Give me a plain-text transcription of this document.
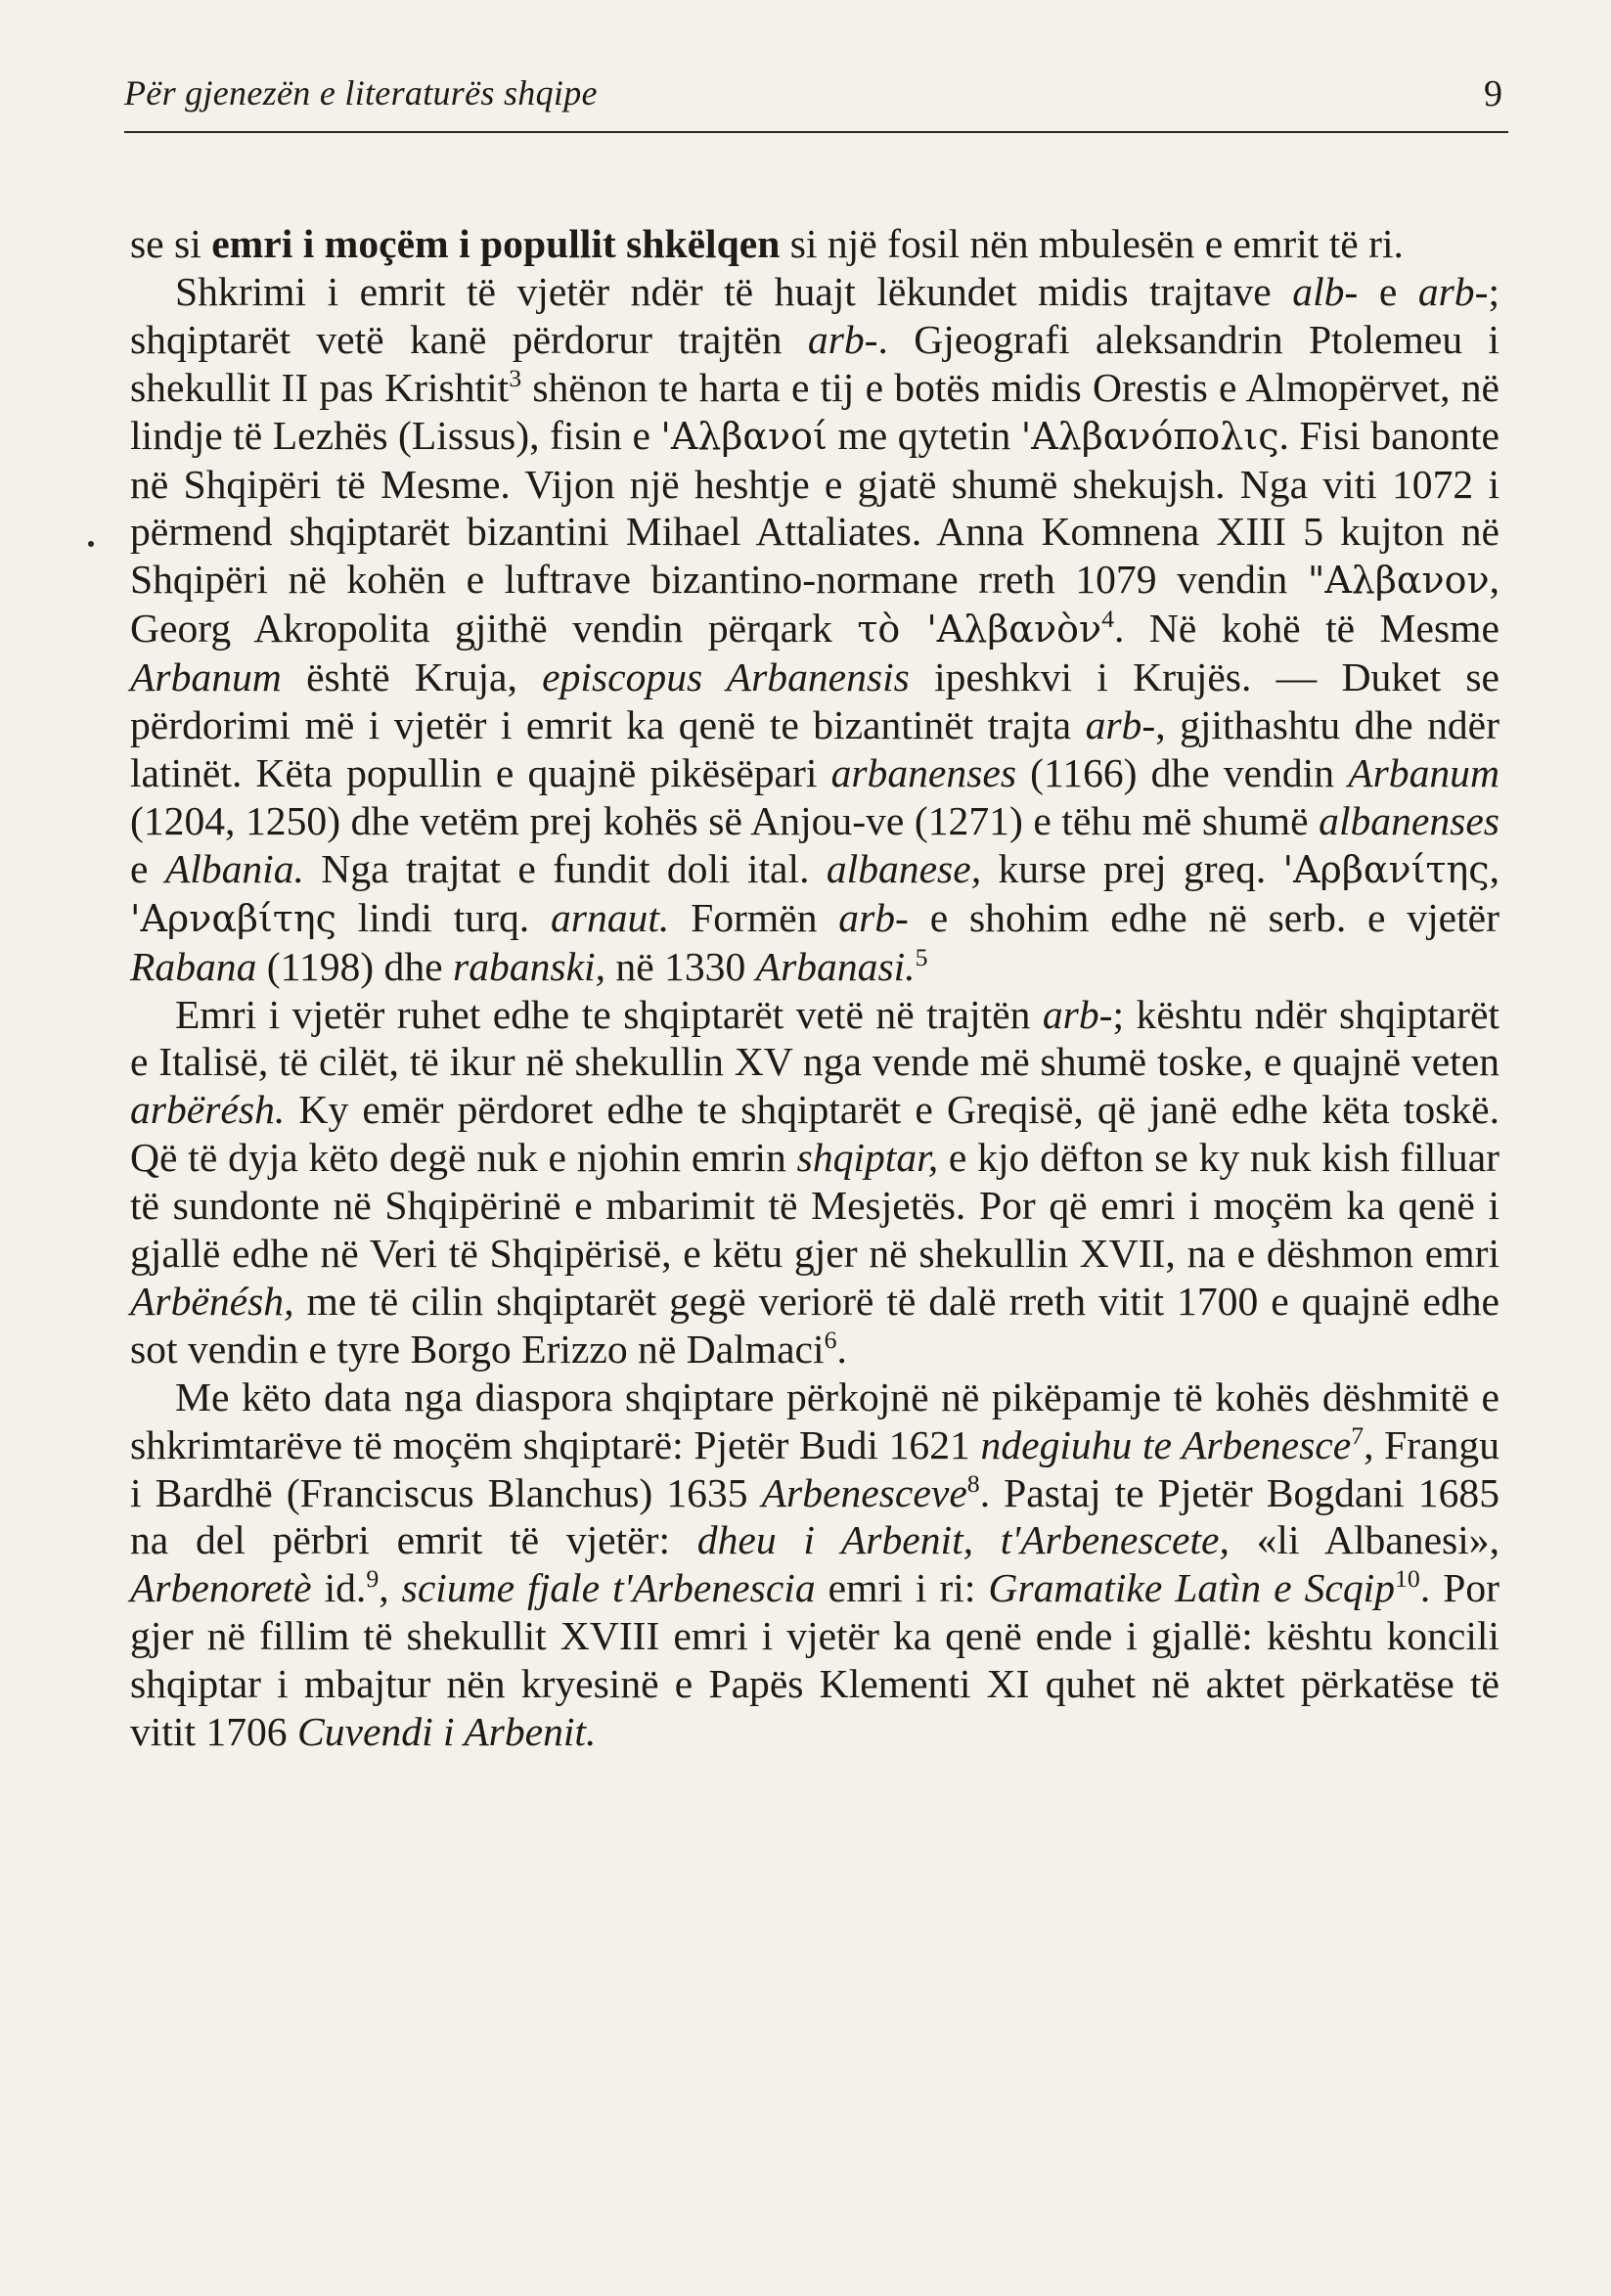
Për gjenezën e literaturës shqipe	9

se si emri i moçëm i popullit shkëlqen si një fosil nën mbulesën e emrit të ri.

Shkrimi i emrit të vjetër ndër të huajt lëkundet midis trajtave alb- e arb-; shqiptarët vetë kanë përdorur trajtën arb-. Gjeografi aleksandrin Ptolemeu i shekullit II pas Krishtit$^3$ shënon te harta e tij e botës midis Orestis e Almopërvet, në lindje të Lezhës (Lissus), fisin e 'Αλβανοί me qytetin 'Αλβανόπολις. Fisi banonte në Shqipëri të Mesme. Vijon një heshtje e gjatë shumë shekujsh. Nga viti 1072 i përmend shqiptarët bizantini Mihael Attaliates. Anna Komnena XIII 5 kujton në Shqipëri në kohën e luftrave bizantino-normane rreth 1079 vendin "Αλβανον, Georg Akropolita gjithë vendin përqark τὸ 'Αλβανὸν$^4$. Në kohë të Mesme Arbanum është Kruja, episcopus Arbanensis ipeshkvi i Krujës. — Duket se përdorimi më i vjetër i emrit ka qenë te bizantinët trajta arb-, gjithashtu dhe ndër latinët. Këta popullin e quajnë pikësëpari arbanenses (1166) dhe vendin Arbanum (1204, 1250) dhe vetëm prej kohës së Anjou-ve (1271) e tëhu më shumë albanenses e Albania. Nga trajtat e fundit doli ital. albanese, kurse prej greq. 'Αρβανίτης, 'Αρναβίτης lindi turq. arnaut. Formën arb- e shohim edhe në serb. e vjetër Rabana (1198) dhe rabanski, në 1330 Arbanasi.$^5$

Emri i vjetër ruhet edhe te shqiptarët vetë në trajtën arb-; kështu ndër shqiptarët e Italisë, të cilët, të ikur në shekullin XV nga vende më shumë toske, e quajnë veten arbërésh. Ky emër përdoret edhe te shqiptarët e Greqisë, që janë edhe këta toskë. Që të dyja këto degë nuk e njohin emrin shqiptar, e kjo dëfton se ky nuk kish filluar të sundonte në Shqipërinë e mbarimit të Mesjetës. Por që emri i moçëm ka qenë i gjallë edhe në Veri të Shqipërisë, e këtu gjer në shekullin XVII, na e dëshmon emri Arbënésh, me të cilin shqiptarët gegë veriorë të dalë rreth vitit 1700 e quajnë edhe sot vendin e tyre Borgo Erizzo në Dalmaci$^6$.

Me këto data nga diaspora shqiptare përkojnë në pikëpamje të kohës dëshmitë e shkrimtarëve të moçëm shqiptarë: Pjetër Budi 1621 ndegiuhu te Arbenesce$^7$, Frangu i Bardhë (Franciscus Blanchus) 1635 Arbenesceve$^8$. Pastaj te Pjetër Bogdani 1685 na del përbri emrit të vjetër: dheu i Arbenit, t'Arbenescete, «li Albanesi», Arbenoretè id.$^9$, sciume fjale t'Arbenescia emri i ri: Gramatike Latìn e Scqip$^{10}$. Por gjer në fillim të shekullit XVIII emri i vjetër ka qenë ende i gjallë: kështu koncili shqiptar i mbajtur nën kryesinë e Papës Klementi XI quhet në aktet përkatëse të vitit 1706 Cuvendi i Arbenit.
